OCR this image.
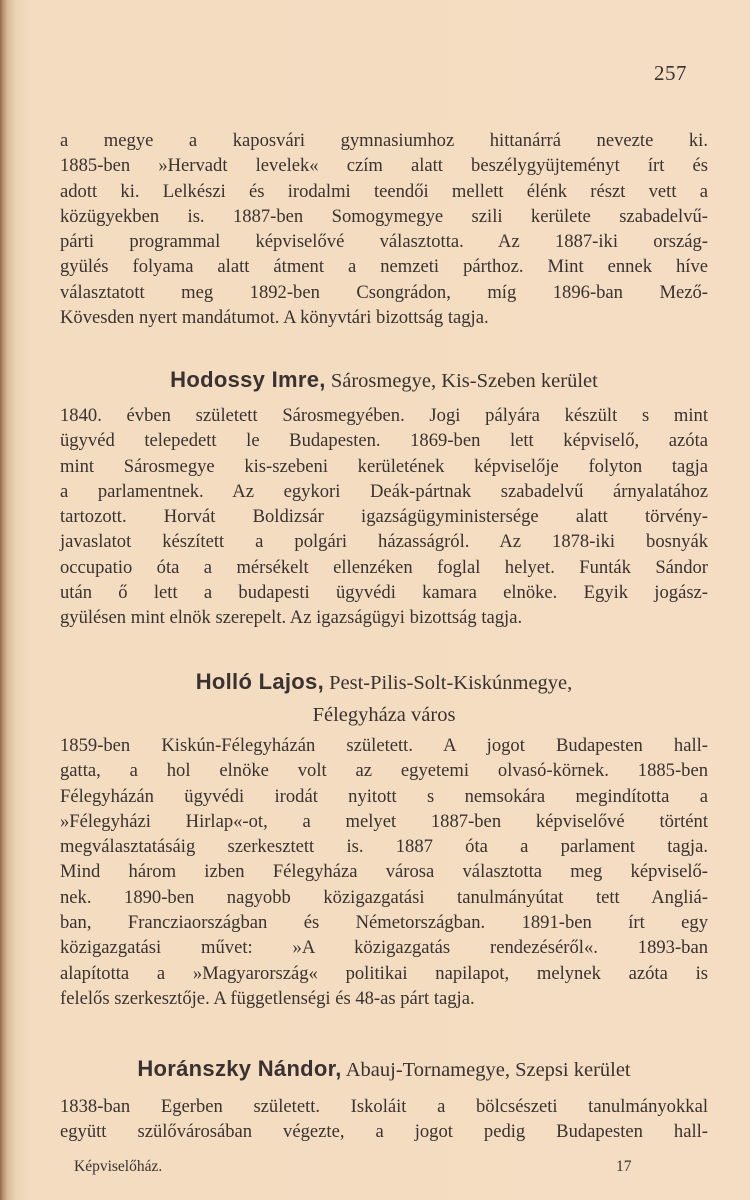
257
a megye a kaposvári gymnasiumhoz hittanárrá nevezte ki.
1885-ben »Hervadt levelek« czím alatt beszélygyüjteményt írt és
adott ki. Lelkészi és irodalmi teendői mellett élénk részt vett a
közügyekben is. 1887-ben Somogymegye szili kerülete szabadelvű-
párti programmal képviselővé választotta. Az 1887-iki ország-
gyülés folyama alatt átment a nemzeti párthoz. Mint ennek híve
választatott meg 1892-ben Csongrádon, míg 1896-ban Mező-
Kövesden nyert mandátumot. A könyvtári bizottság tagja.

Hodossy Imre, Sárosmegye, Kis-Szeben kerület

1840. évben született Sárosmegyében. Jogi pályára készült s mint
ügyvéd telepedett le Budapesten. 1869-ben lett képviselő, azóta
mint Sárosmegye kis-szebeni kerületének képviselője folyton tagja
a parlamentnek. Az egykori Deák-pártnak szabadelvű árnyalatához
tartozott. Horvát Boldizsár igazságügyministersége alatt törvény-
javaslatot készített a polgári házasságról. Az 1878-iki bosnyák
occupatio óta a mérsékelt ellenzéken foglal helyet. Funták Sándor
után ő lett a budapesti ügyvédi kamara elnöke. Egyik jogász-
gyülésen mint elnök szerepelt. Az igazságügyi bizottság tagja.

Holló Lajos, Pest-Pilis-Solt-Kiskúnmegye,

Félegyháza város

1859-ben Kiskún-Félegyházán született. A jogot Budapesten hall-
gatta, a hol elnöke volt az egyetemi olvasó-körnek. 1885-ben
Félegyházán ügyvédi irodát nyitott s nemsokára megindította a
»Félegyházi Hirlap«-ot, a melyet 1887-ben képviselővé történt
megválasztatásáig szerkesztett is. 1887 óta a parlament tagja.
Mind három izben Félegyháza városa választotta meg képviselő-
nek. 1890-ben nagyobb közigazgatási tanulmányútat tett Angliá-
ban, Francziaországban és Németországban. 1891-ben írt egy
közigazgatási művet: »A közigazgatás rendezéséről«. 1893-ban
alapította a »Magyarország« politikai napilapot, melynek azóta is
felelős szerkesztője. A függetlenségi és 48-as párt tagja.

Horánszky Nándor, Abauj-Tornamegye, Szepsi kerület

1838-ban Egerben született. Iskoláit a bölcsészeti tanulmányokkal
együtt szülővárosában végezte, a jogot pedig Budapesten hall-
Képviselőház.	17
